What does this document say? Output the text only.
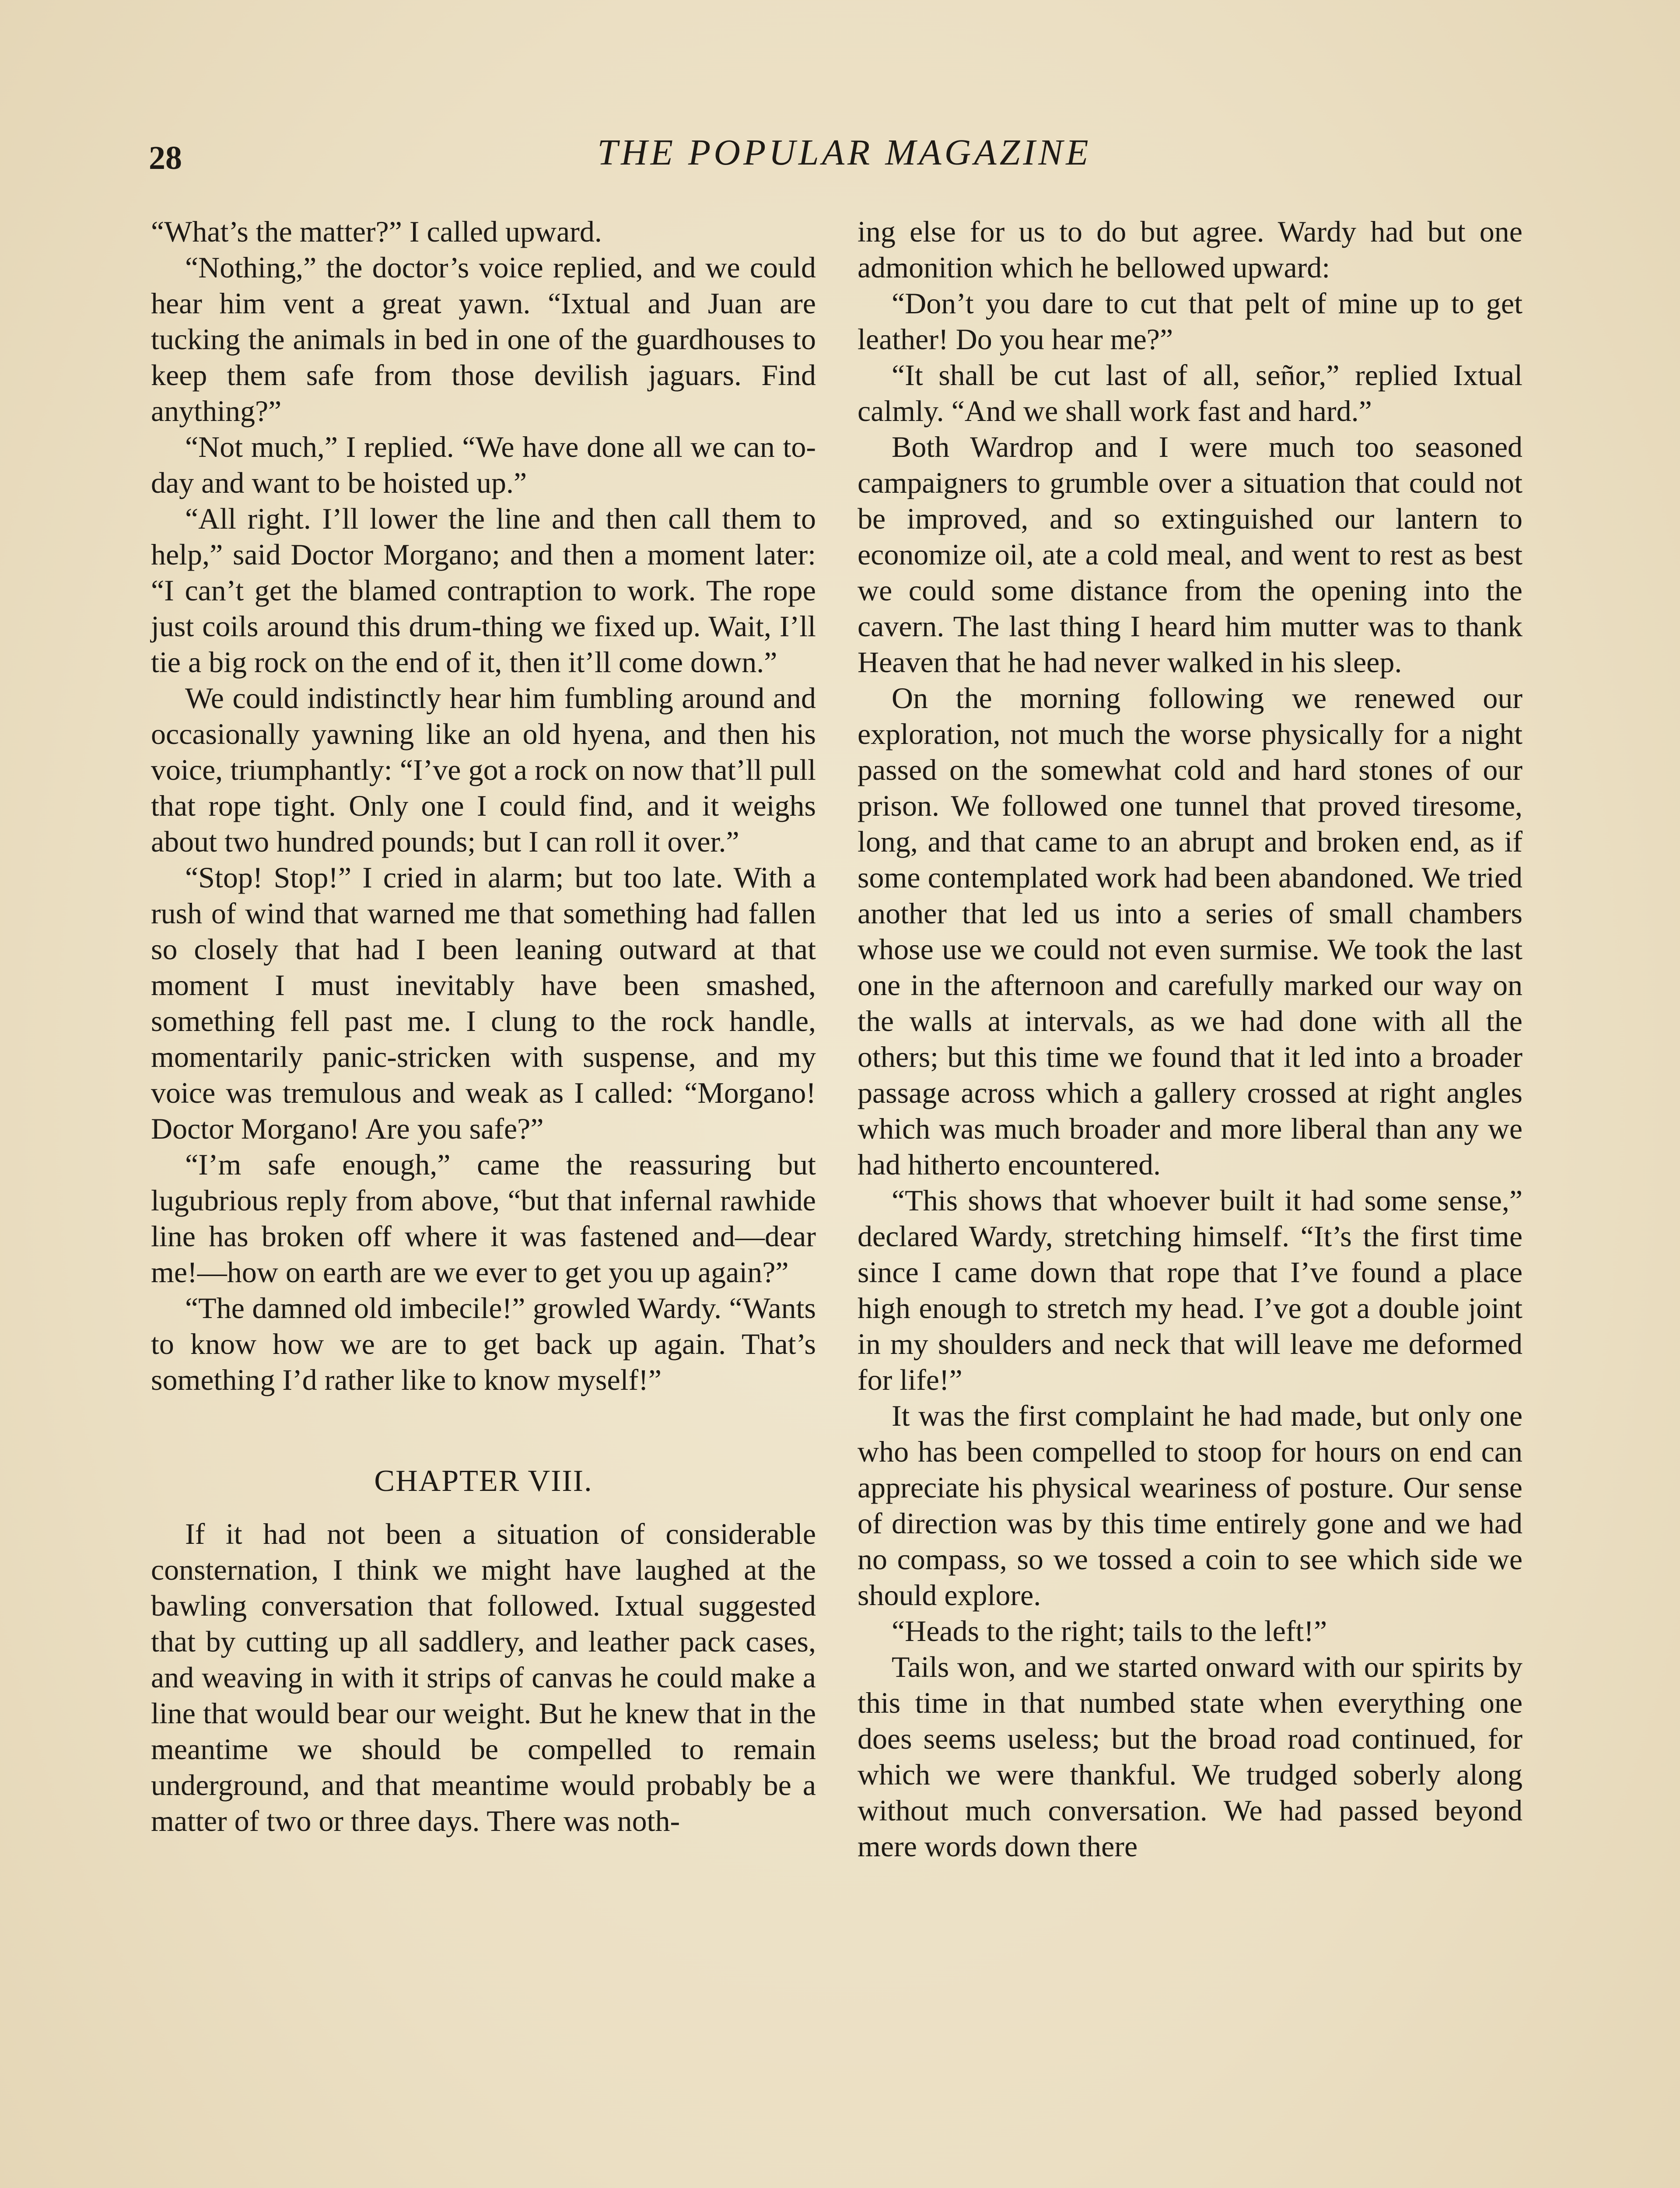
28	THE POPULAR MAGAZINE

“What’s the matter?” I called upward.

“Nothing,” the doctor’s voice replied, and we could hear him vent a great yawn. “Ixtual and Juan are tucking the animals in bed in one of the guardhouses to keep them safe from those devilish jaguars. Find anything?”

“Not much,” I replied. “We have done all we can to-day and want to be hoisted up.”

“All right. I’ll lower the line and then call them to help,” said Doctor Morgano; and then a moment later: “I can’t get the blamed contraption to work. The rope just coils around this drum-thing we fixed up. Wait, I’ll tie a big rock on the end of it, then it’ll come down.”

We could indistinctly hear him fumbling around and occasionally yawning like an old hyena, and then his voice, triumphantly: “I’ve got a rock on now that’ll pull that rope tight. Only one I could find, and it weighs about two hundred pounds; but I can roll it over.”

“Stop! Stop!” I cried in alarm; but too late. With a rush of wind that warned me that something had fallen so closely that had I been leaning outward at that moment I must inevitably have been smashed, something fell past me. I clung to the rock handle, momentarily panic-stricken with suspense, and my voice was tremulous and weak as I called: “Morgano! Doctor Morgano! Are you safe?”

“I’m safe enough,” came the reassuring but lugubrious reply from above, “but that infernal rawhide line has broken off where it was fastened and—dear me!—how on earth are we ever to get you up again?”

“The damned old imbecile!” growled Wardy. “Wants to know how we are to get back up again. That’s something I’d rather like to know myself!”

CHAPTER VIII.

If it had not been a situation of considerable consternation, I think we might have laughed at the bawling conversation that followed. Ixtual suggested that by cutting up all saddlery, and leather pack cases, and weaving in with it strips of canvas he could make a line that would bear our weight. But he knew that in the meantime we should be compelled to remain underground, and that meantime would probably be a matter of two or three days. There was noth-

ing else for us to do but agree. Wardy had but one admonition which he bellowed upward:

“Don’t you dare to cut that pelt of mine up to get leather! Do you hear me?”

“It shall be cut last of all, señor,” replied Ixtual calmly. “And we shall work fast and hard.”

Both Wardrop and I were much too seasoned campaigners to grumble over a situation that could not be improved, and so extinguished our lantern to economize oil, ate a cold meal, and went to rest as best we could some distance from the opening into the cavern. The last thing I heard him mutter was to thank Heaven that he had never walked in his sleep.

On the morning following we renewed our exploration, not much the worse physically for a night passed on the somewhat cold and hard stones of our prison. We followed one tunnel that proved tiresome, long, and that came to an abrupt and broken end, as if some contemplated work had been abandoned. We tried another that led us into a series of small chambers whose use we could not even surmise. We took the last one in the afternoon and carefully marked our way on the walls at intervals, as we had done with all the others; but this time we found that it led into a broader passage across which a gallery crossed at right angles which was much broader and more liberal than any we had hitherto encountered.

“This shows that whoever built it had some sense,” declared Wardy, stretching himself. “It’s the first time since I came down that rope that I’ve found a place high enough to stretch my head. I’ve got a double joint in my shoulders and neck that will leave me deformed for life!”

It was the first complaint he had made, but only one who has been compelled to stoop for hours on end can appreciate his physical weariness of posture. Our sense of direction was by this time entirely gone and we had no compass, so we tossed a coin to see which side we should explore.

“Heads to the right; tails to the left!”

Tails won, and we started onward with our spirits by this time in that numbed state when everything one does seems useless; but the broad road continued, for which we were thankful. We trudged soberly along without much conversation. We had passed beyond mere words down there
